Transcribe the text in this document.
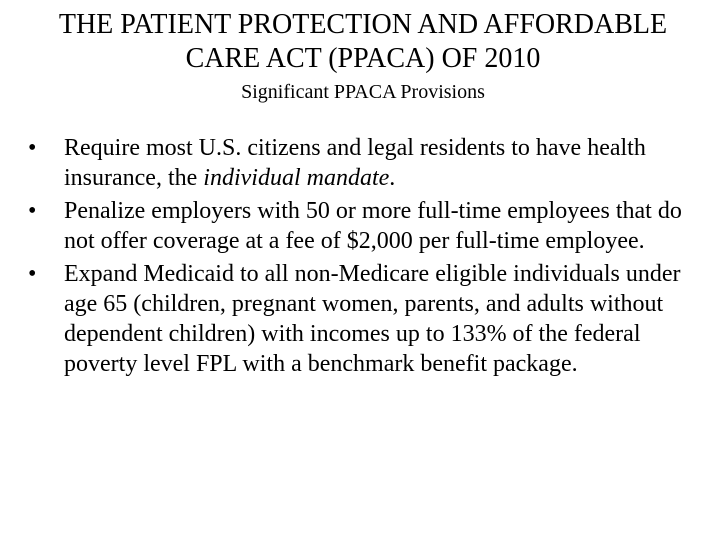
THE PATIENT PROTECTION AND AFFORDABLE
CARE ACT (PPACA) OF 2010
Significant PPACA Provisions
•	Require most U.S. citizens and legal residents to have health insurance, the individual mandate.
•	Penalize employers with 50 or more full-time employees that do not offer coverage at a fee of $2,000 per full-time employee.
•	Expand Medicaid to all non-Medicare eligible individuals under age 65 (children, pregnant women, parents, and adults without dependent children) with incomes up to 133% of the federal poverty level FPL with a benchmark benefit package.
